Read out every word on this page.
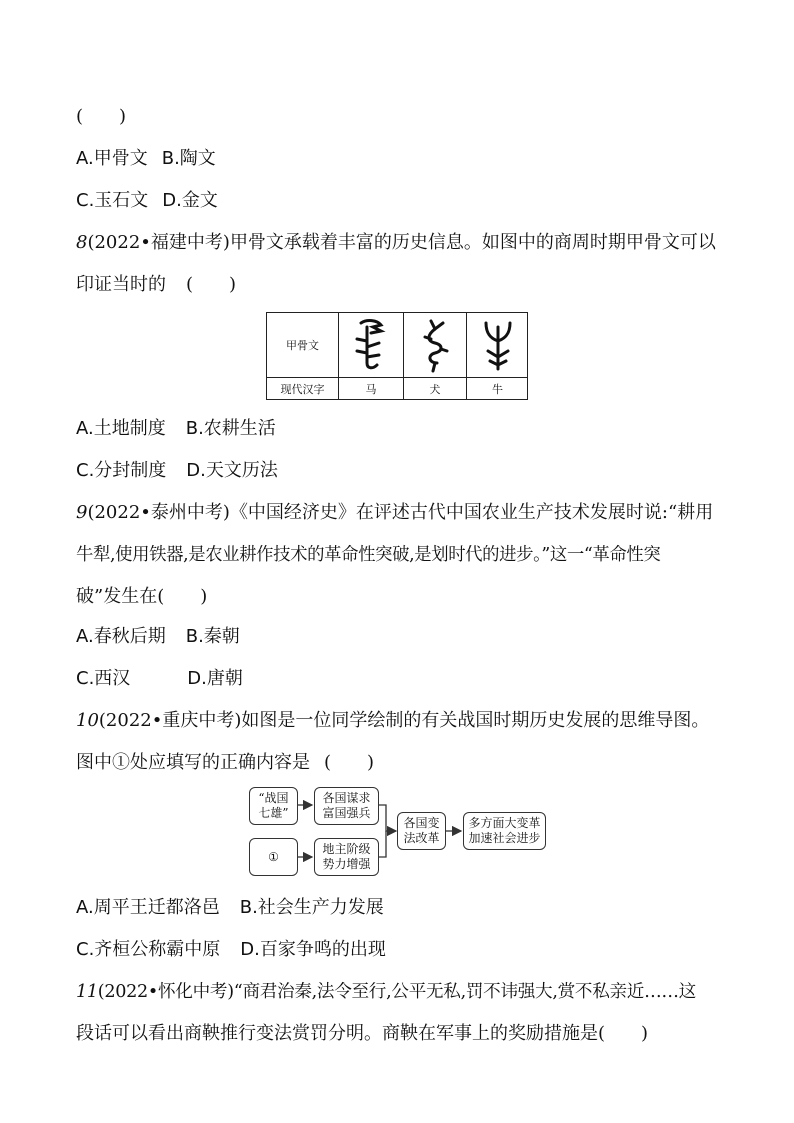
(　　)
A.甲骨文 B.陶文
C.玉石文 D.金文
8(2022•福建中考)甲骨文承载着丰富的历史信息。如图中的商周时期甲骨文可以
印证当时的 (　　)
甲骨文
现代汉字	马	犬	牛
A.土地制度 B.农耕生活
C.分封制度 D.天文历法
9(2022•泰州中考)《中国经济史》在评述古代中国农业生产技术发展时说:“耕用
牛犁,使用铁器,是农业耕作技术的革命性突破,是划时代的进步。”这一“革命性突
破”发生在(　　)
A.春秋后期 B.秦朝
C.西汉	D.唐朝
10(2022•重庆中考)如图是一位同学绘制的有关战国时期历史发展的思维导图。
图中①处应填写的正确内容是 (　　)
“战国
七雄”
①
各国谋求
富国强兵
地主阶级
势力增强
各国变
法改革
多方面大变革
加速社会进步
A.周平王迁都洛邑 B.社会生产力发展
C.齐桓公称霸中原 D.百家争鸣的出现
11(2022•怀化中考)“商君治秦,法令至行,公平无私,罚不讳强大,赏不私亲近……这
段话可以看出商鞅推行变法赏罚分明。商鞅在军事上的奖励措施是(　　)
